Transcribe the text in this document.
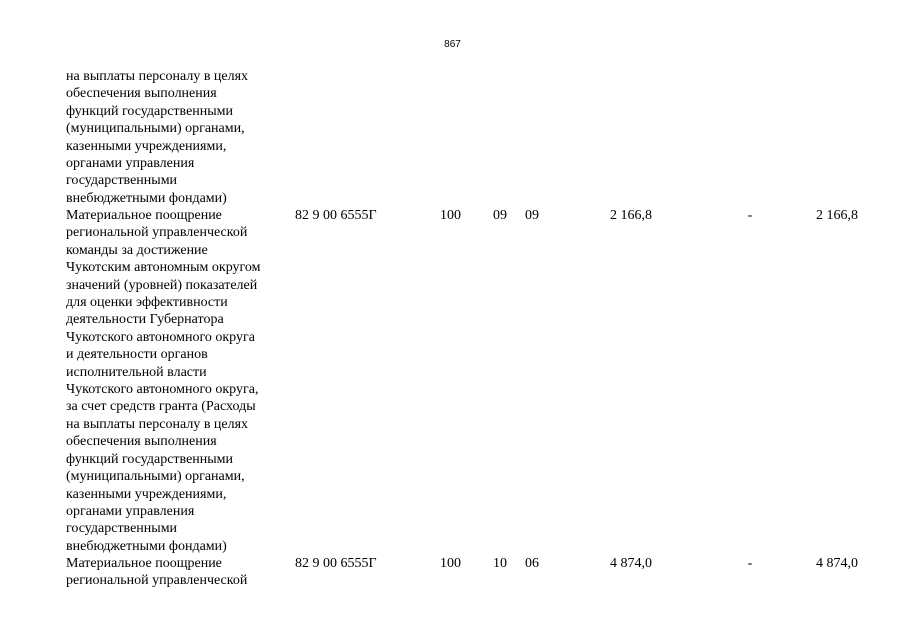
867
на выплаты персоналу в целях
обеспечения выполнения
функций государственными
(муниципальными) органами,
казенными учреждениями,
органами управления
государственными
внебюджетными фондами)
Материальное поощрение
региональной управленческой
команды за достижение
Чукотским автономным округом
значений (уровней) показателей
для оценки эффективности
деятельности Губернатора
Чукотского автономного округа
и деятельности органов
исполнительной власти
Чукотского автономного округа,
за счет средств гранта (Расходы
на выплаты персоналу в целях
обеспечения выполнения
функций государственными
(муниципальными) органами,
казенными учреждениями,
органами управления
государственными
внебюджетными фондами)
82 9 00 6555Г	100 09 09	2 166,8	-	2 166,8
Материальное поощрение
региональной управленческой
82 9 00 6555Г	100 10 06	4 874,0	-	4 874,0
